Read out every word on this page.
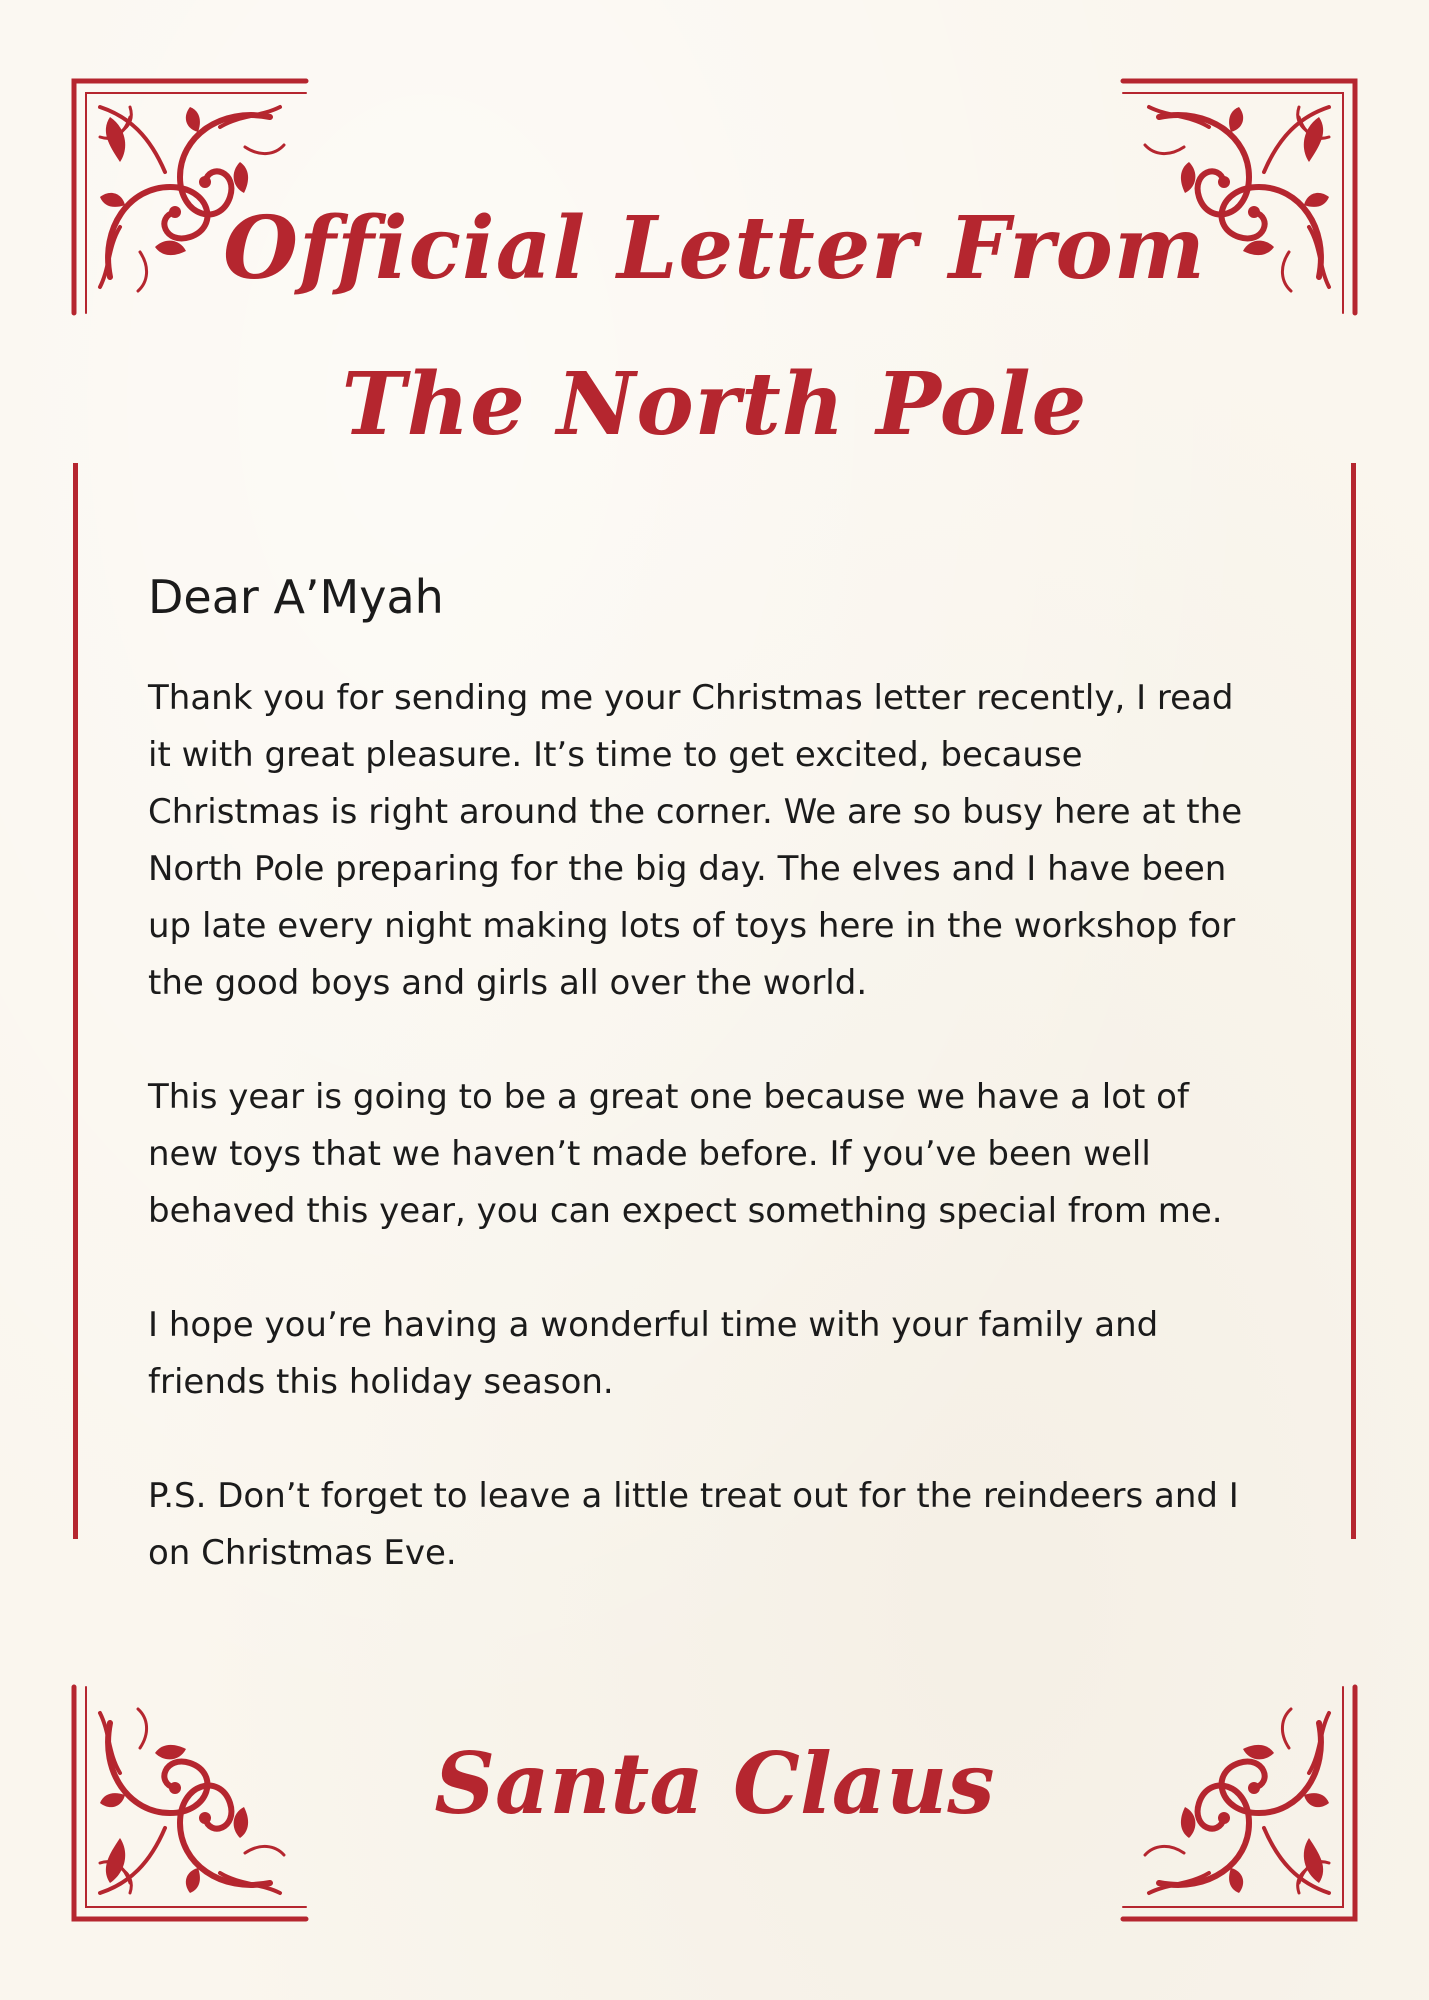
Official Letter From
The North Pole

Dear A’Myah

Thank you for sending me your Christmas letter recently, I read it with great pleasure. It’s time to get excited, because Christmas is right around the corner. We are so busy here at the North Pole preparing for the big day. The elves and I have been up late every night making lots of toys here in the workshop for the good boys and girls all over the world.

This year is going to be a great one because we have a lot of new toys that we haven’t made before. If you’ve been well behaved this year, you can expect something special from me.

I hope you’re having a wonderful time with your family and friends this holiday season.

P.S. Don’t forget to leave a little treat out for the reindeers and I on Christmas Eve.

Santa Claus
